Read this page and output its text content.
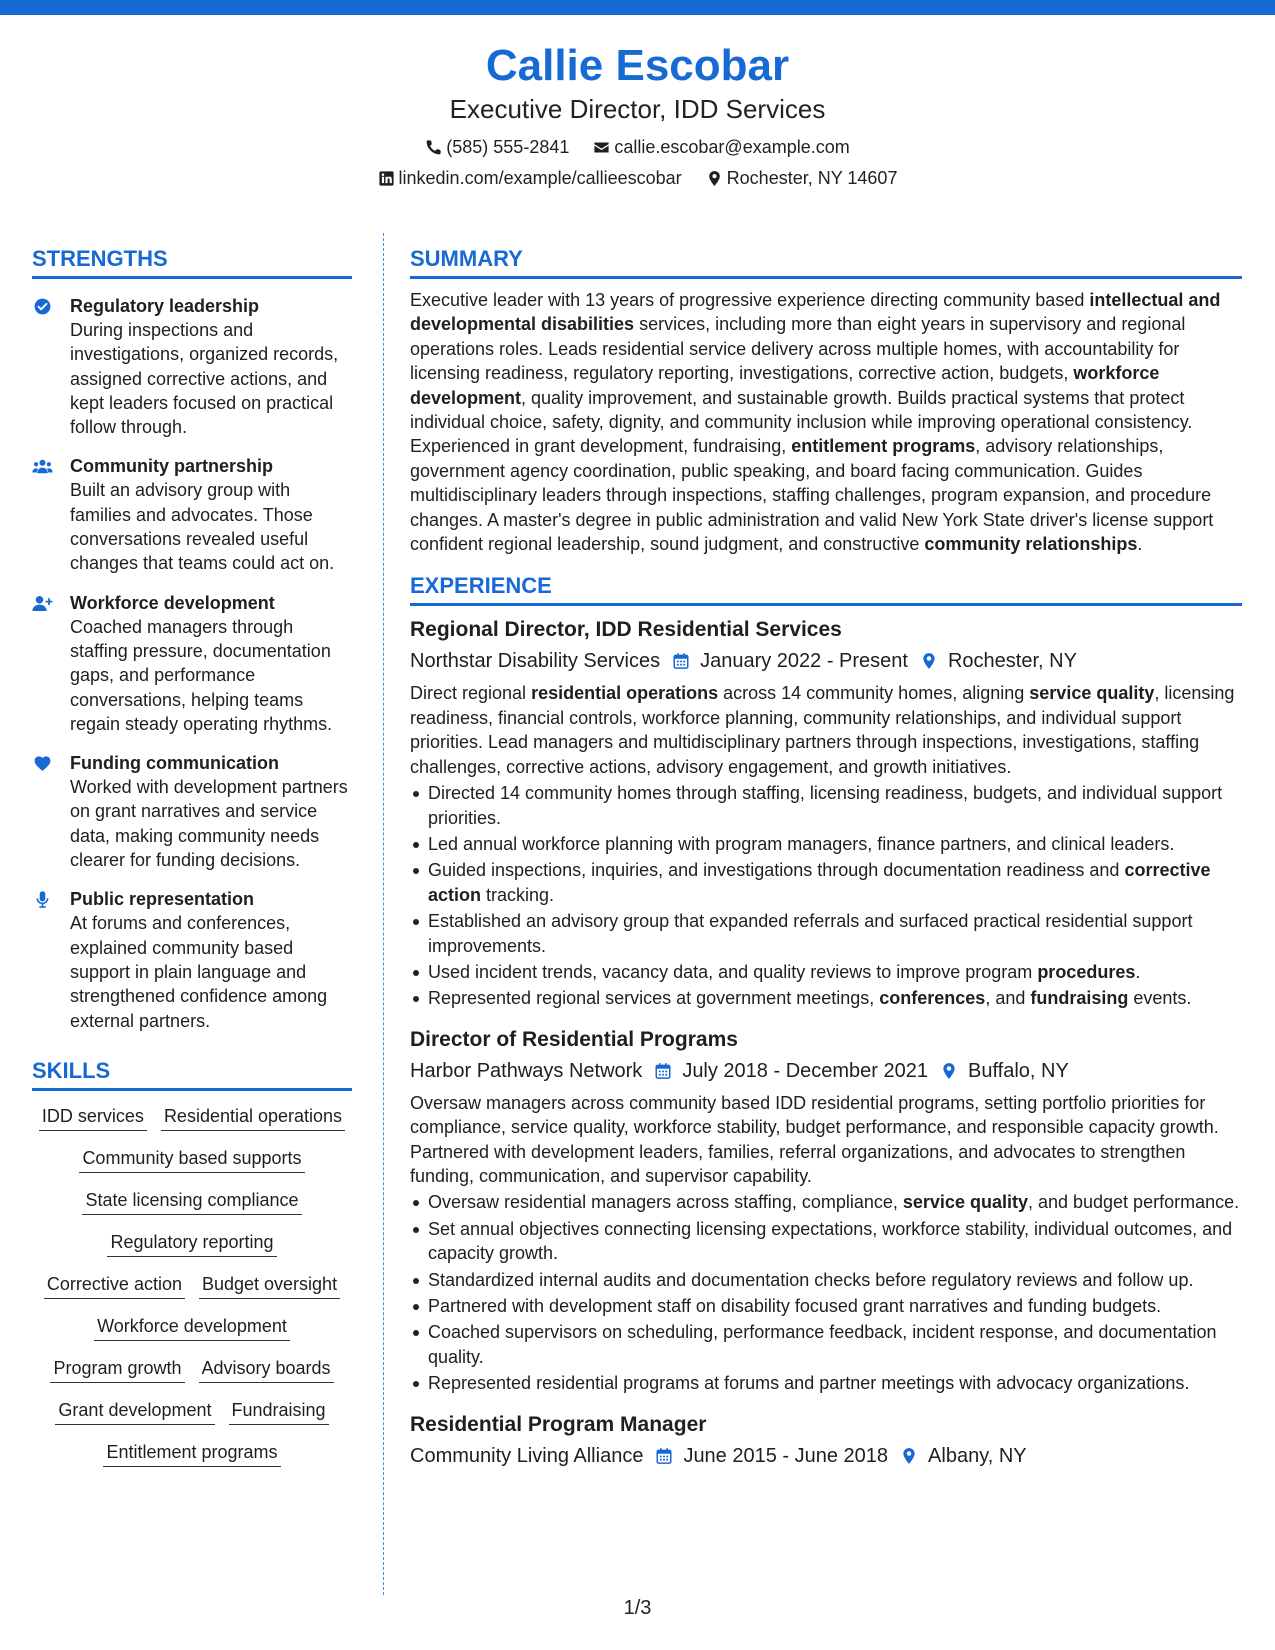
Callie Escobar
Executive Director, IDD Services
(585) 555-2841	callie.escobar@example.com
linkedin.com/example/callieescobar	Rochester, NY 14607
STRENGTHS
Regulatory leadership
During inspections and investigations, organized records, assigned corrective actions, and kept leaders focused on practical follow through.
Community partnership
Built an advisory group with families and advocates. Those conversations revealed useful changes that teams could act on.
Workforce development
Coached managers through staffing pressure, documentation gaps, and performance conversations, helping teams regain steady operating rhythms.
Funding communication
Worked with development partners on grant narratives and service data, making community needs clearer for funding decisions.
Public representation
At forums and conferences, explained community based support in plain language and strengthened confidence among external partners.
SKILLS
IDD services Residential operations
Community based supports
State licensing compliance
Regulatory reporting
Corrective action Budget oversight
Workforce development
Program growth Advisory boards
Grant development Fundraising
Entitlement programs
SUMMARY

Executive leader with 13 years of progressive experience directing community based intellectual and developmental disabilities services, including more than eight years in supervisory and regional operations roles. Leads residential service delivery across multiple homes, with accountability for licensing readiness, regulatory reporting, investigations, corrective action, budgets, workforce development, quality improvement, and sustainable growth. Builds practical systems that protect individual choice, safety, dignity, and community inclusion while improving operational consistency. Experienced in grant development, fundraising, entitlement programs, advisory relationships, government agency coordination, public speaking, and board facing communication. Guides multidisciplinary leaders through inspections, staffing challenges, program expansion, and procedure changes. A master's degree in public administration and valid New York State driver's license support confident regional leadership, sound judgment, and constructive community relationships.

EXPERIENCE
Regional Director, IDD Residential Services
Northstar Disability Services January 2022 - Present Rochester, NY

Direct regional residential operations across 14 community homes, aligning service quality, licensing readiness, financial controls, workforce planning, community relationships, and individual support priorities. Lead managers and multidisciplinary partners through inspections, investigations, staffing challenges, corrective actions, advisory engagement, and growth initiatives.

Directed 14 community homes through staffing, licensing readiness, budgets, and individual support priorities.
Led annual workforce planning with program managers, finance partners, and clinical leaders.
Guided inspections, inquiries, and investigations through documentation readiness and corrective action tracking.
Established an advisory group that expanded referrals and surfaced practical residential support improvements.
Used incident trends, vacancy data, and quality reviews to improve program procedures.
Represented regional services at government meetings, conferences, and fundraising events.
Director of Residential Programs
Harbor Pathways Network July 2018 - December 2021 Buffalo, NY

Oversaw managers across community based IDD residential programs, setting portfolio priorities for compliance, service quality, workforce stability, budget performance, and responsible capacity growth. Partnered with development leaders, families, referral organizations, and advocates to strengthen funding, communication, and supervisor capability.

Oversaw residential managers across staffing, compliance, service quality, and budget performance.
Set annual objectives connecting licensing expectations, workforce stability, individual outcomes, and capacity growth.
Standardized internal audits and documentation checks before regulatory reviews and follow up.
Partnered with development staff on disability focused grant narratives and funding budgets.
Coached supervisors on scheduling, performance feedback, incident response, and documentation quality.
Represented residential programs at forums and partner meetings with advocacy organizations.
Residential Program Manager
Community Living Alliance June 2015 - June 2018 Albany, NY
1/3
